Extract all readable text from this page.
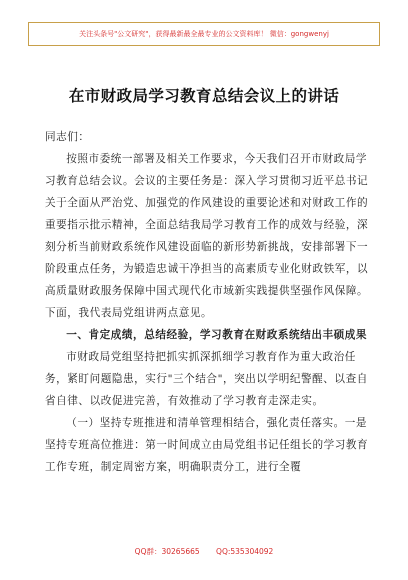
关注头条号"公文研究"，获得最新最全最专业的公文资料库！ 微信：gongwenyj
在市财政局学习教育总结会议上的讲话

同志们：

按照市委统一部署及相关工作要求，今天我们召开市财政局学习教育总结会议。会议的主要任务是：深入学习贯彻习近平总书记关于全面从严治党、加强党的作风建设的重要论述和对财政工作的重要指示批示精神，全面总结我局学习教育工作的成效与经验，深刻分析当前财政系统作风建设面临的新形势新挑战，安排部署下一阶段重点任务，为锻造忠诚干净担当的高素质专业化财政铁军，以高质量财政服务保障中国式现代化市域新实践提供坚强作风保障。下面，我代表局党组讲两点意见。

一、肯定成绩，总结经验，学习教育在财政系统结出丰硕成果

市财政局党组坚持把抓实抓深抓细学习教育作为重大政治任务，紧盯问题隐患，实行"三个结合"，突出以学明纪警醒、以查自省自律、以改促进完善，有效推动了学习教育走深走实。

（一）坚持专班推进和清单管理相结合，强化责任落实。一是坚持专班高位推进：第一时间成立由局党组书记任组长的学习教育工作专班，制定周密方案，明确职责分工，进行全覆

QQ群：30265665 QQ:535304092
